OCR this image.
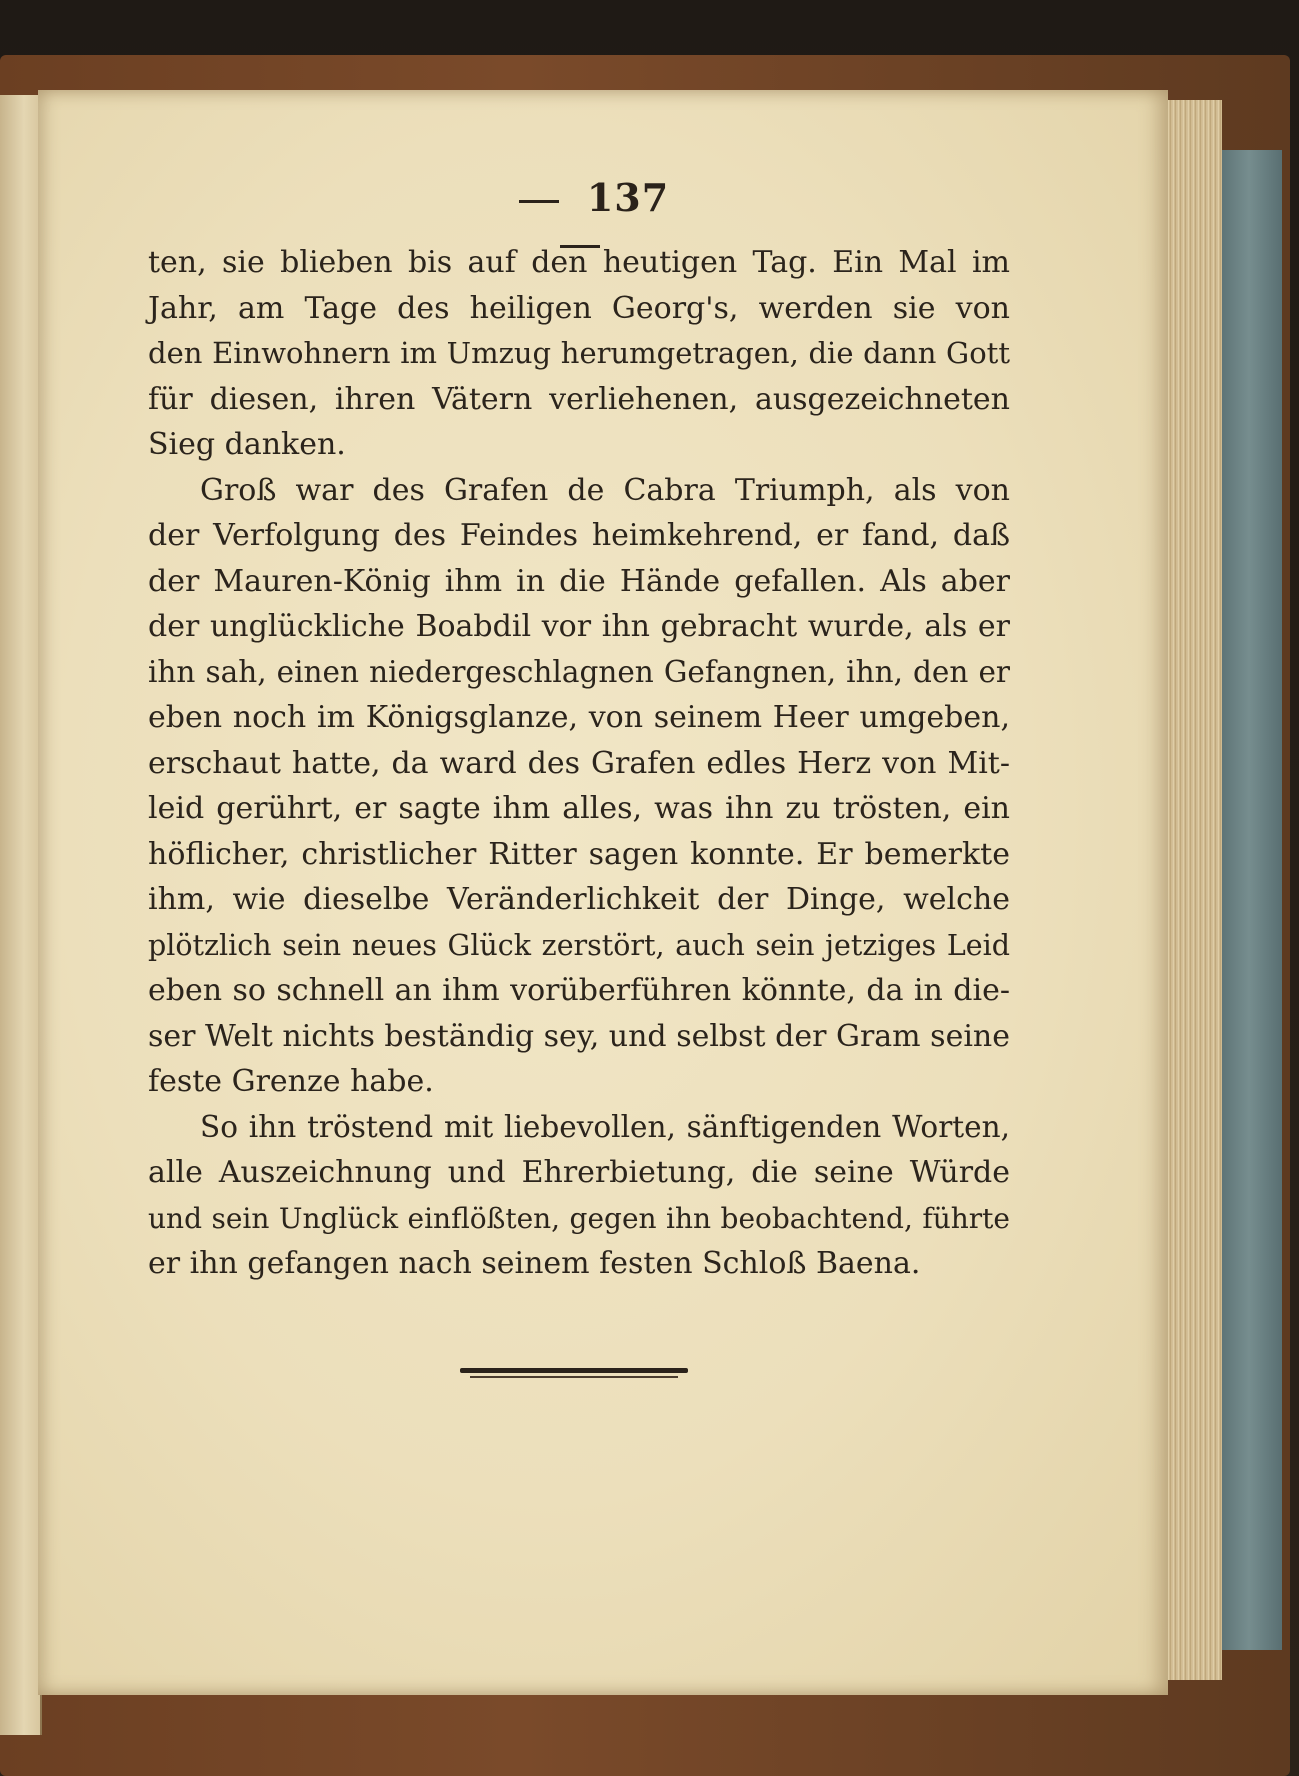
137
ten, sie blieben bis auf den heutigen Tag. Ein Mal im
Jahr, am Tage des heiligen Georg's, werden sie von
den Einwohnern im Umzug herumgetragen, die dann Gott
für diesen, ihren Vätern verliehenen, ausgezeichneten
Sieg danken.
Groß war des Grafen de Cabra Triumph, als von
der Verfolgung des Feindes heimkehrend, er fand, daß
der Mauren-König ihm in die Hände gefallen. Als aber
der unglückliche Boabdil vor ihn gebracht wurde, als er
ihn sah, einen niedergeschlagnen Gefangnen, ihn, den er
eben noch im Königsglanze, von seinem Heer umgeben,
erschaut hatte, da ward des Grafen edles Herz von Mit-
leid gerührt, er sagte ihm alles, was ihn zu trösten, ein
höflicher, christlicher Ritter sagen konnte. Er bemerkte
ihm, wie dieselbe Veränderlichkeit der Dinge, welche
plötzlich sein neues Glück zerstört, auch sein jetziges Leid
eben so schnell an ihm vorüberführen könnte, da in die-
ser Welt nichts beständig sey, und selbst der Gram seine
feste Grenze habe.
So ihn tröstend mit liebevollen, sänftigenden Worten,
alle Auszeichnung und Ehrerbietung, die seine Würde
und sein Unglück einflößten, gegen ihn beobachtend, führte
er ihn gefangen nach seinem festen Schloß Baena.
